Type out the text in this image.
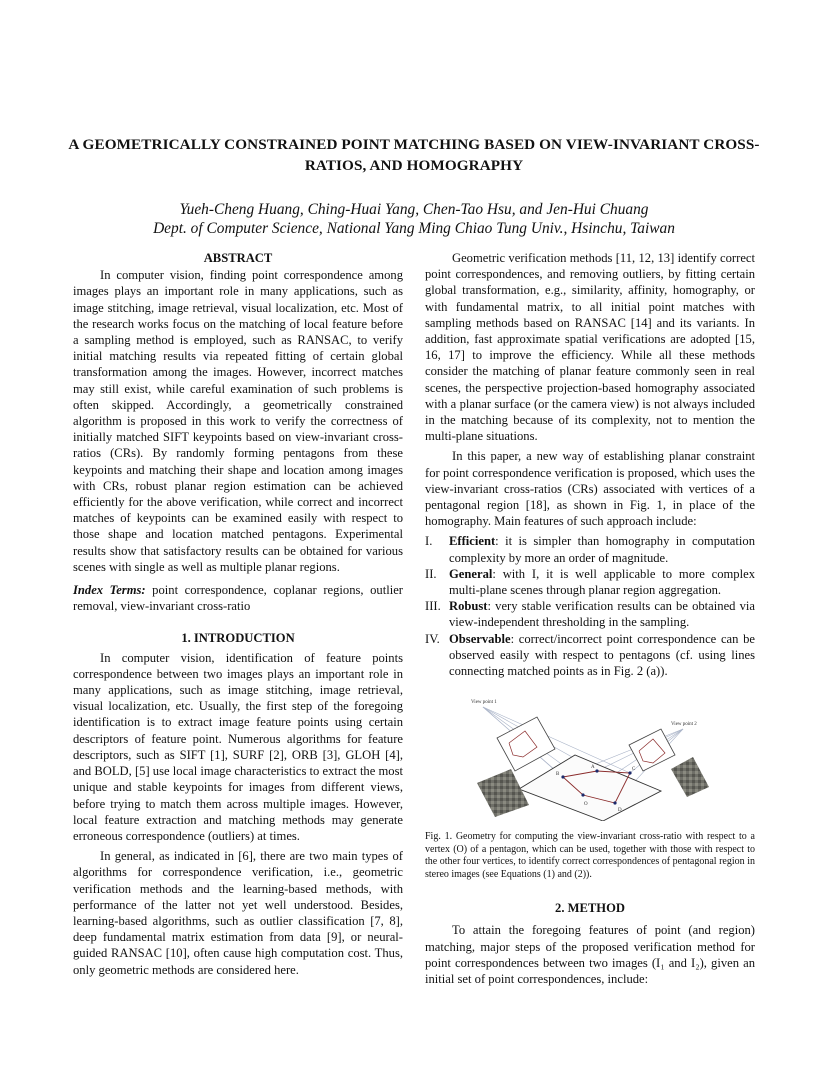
A GEOMETRICALLY CONSTRAINED POINT MATCHING BASED ON VIEW-INVARIANT CROSS-RATIOS, AND HOMOGRAPHY
Yueh-Cheng Huang, Ching-Huai Yang, Chen-Tao Hsu, and Jen-Hui Chuang
Dept. of Computer Science, National Yang Ming Chiao Tung Univ., Hsinchu, Taiwan
ABSTRACT

In computer vision, finding point correspondence among images plays an important role in many applications, such as image stitching, image retrieval, visual localization, etc. Most of the research works focus on the matching of local feature before a sampling method is employed, such as RANSAC, to verify initial matching results via repeated fitting of certain global transformation among the images. However, incorrect matches may still exist, while careful examination of such problems is often skipped. Accordingly, a geometrically constrained algorithm is proposed in this work to verify the correctness of initially matched SIFT keypoints based on view-invariant cross-ratios (CRs). By randomly forming pentagons from these keypoints and matching their shape and location among images with CRs, robust planar region estimation can be achieved efficiently for the above verification, while correct and incorrect matches of keypoints can be examined easily with respect to those shape and location matched pentagons. Experimental results show that satisfactory results can be obtained for various scenes with single as well as multiple planar regions.

Index Terms: point correspondence, coplanar regions, outlier removal, view-invariant cross-ratio
1. INTRODUCTION

In computer vision, identification of feature points correspondence between two images plays an important role in many applications, such as image stitching, image retrieval, visual localization, etc. Usually, the first step of the foregoing identification is to extract image feature points using certain descriptors of feature point. Numerous algorithms for feature descriptors, such as SIFT [1], SURF [2], ORB [3], GLOH [4], and BOLD, [5] use local image characteristics to extract the most unique and stable keypoints for images from different views, before trying to match them across multiple images. However, local feature extraction and matching methods may generate erroneous correspondence (outliers) at times.

In general, as indicated in [6], there are two main types of algorithms for correspondence verification, i.e., geometric verification methods and the learning-based methods, with performance of the latter not yet well understood. Besides, learning-based algorithms, such as outlier classification [7, 8], deep fundamental matrix estimation from data [9], or neural-guided RANSAC [10], often cause high computation cost. Thus, only geometric methods are considered here.

Geometric verification methods [11, 12, 13] identify correct point correspondences, and removing outliers, by fitting certain global transformation, e.g., similarity, affinity, homography, or with fundamental matrix, to all initial point matches with sampling methods based on RANSAC [14] and its variants. In addition, fast approximate spatial verifications are adopted [15, 16, 17] to improve the efficiency. While all these methods consider the matching of planar feature commonly seen in real scenes, the perspective projection-based homography associated with a planar surface (or the camera view) is not always included in the matching because of its complexity, not to mention the multi-plane situations.

In this paper, a new way of establishing planar constraint for point correspondence verification is proposed, which uses the view-invariant cross-ratios (CRs) associated with vertices of a pentagonal region [18], as shown in Fig. 1, in place of the homography. Main features of such approach include:

I. Efficient: it is simpler than homography in computation complexity by more an order of magnitude.
II. General: with I, it is well applicable to more complex multi-plane scenes through planar region aggregation.
III. Robust: very stable verification results can be obtained via view-independent thresholding in the sampling.
IV. Observable: correct/incorrect point correspondence can be observed easily with respect to pentagons (cf. using lines connecting matched points as in Fig. 2 (a)).
View point 1
View point 2
O
A
B
C
D
Fig. 1. Geometry for computing the view-invariant cross-ratio with respect to a vertex (O) of a pentagon, which can be used, together with those with respect to the other four vertices, to identify correct correspondences of pentagonal region in stereo images (see Equations (1) and (2)).
2. METHOD

To attain the foregoing features of point (and region) matching, major steps of the proposed verification method for point correspondences between two images (I₁ and I₂), given an initial set of point correspondences, include:
